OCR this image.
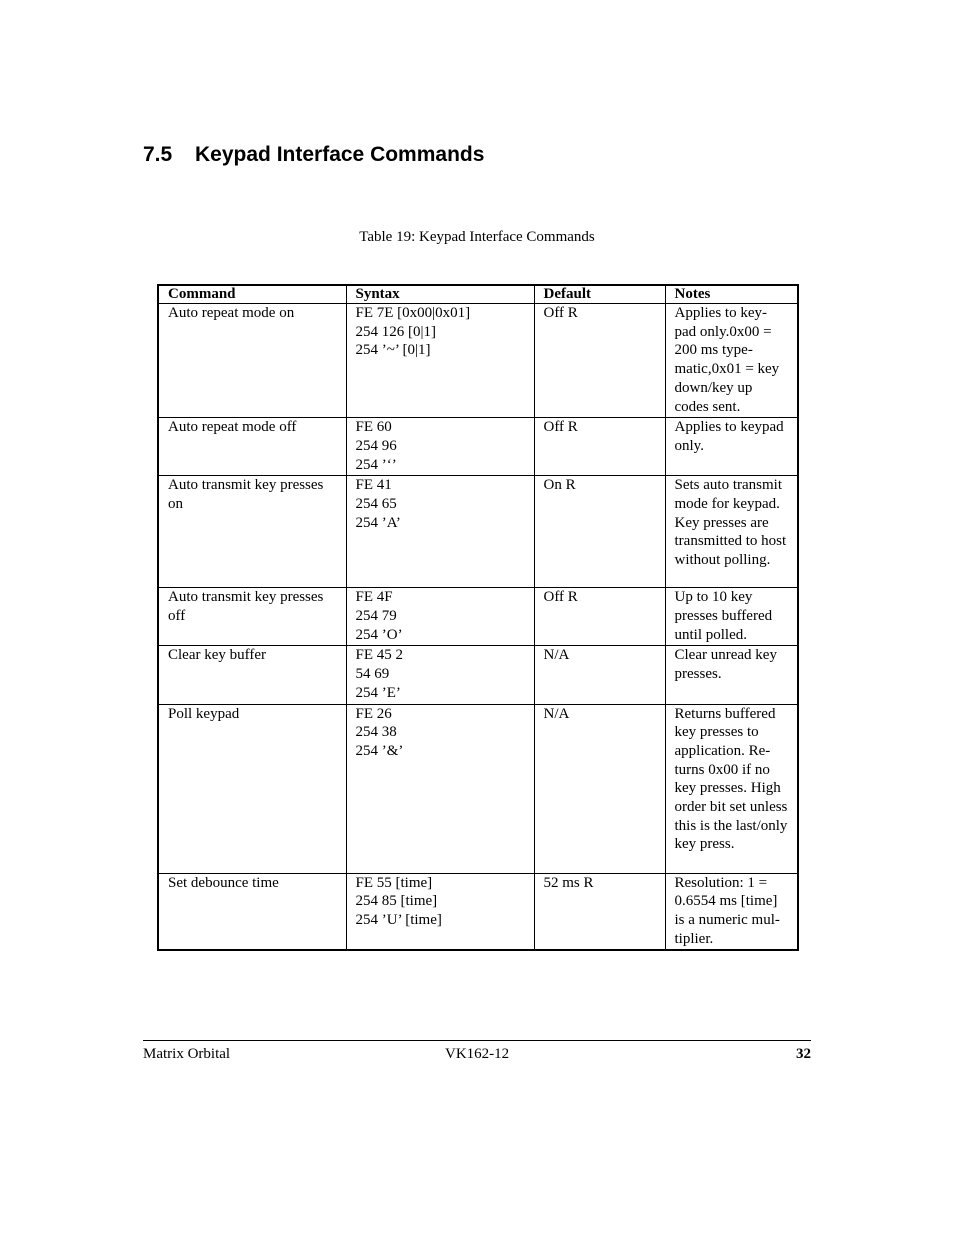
7.5 Keypad Interface Commands
Table 19: Keypad Interface Commands
Command	Syntax	Default	Notes
Auto repeat mode on	FE 7E [0x00|0x01]
254 126 [0|1]
254 ’~’ [0|1]	Off R	Applies to key-pad only.0x00 = 200 ms type-matic,0x01 = key down/key up codes sent.
Auto repeat mode off	FE 60
254 96
254 ’‘’	Off R	Applies to keypad only.
Auto transmit key presses on	FE 41
254 65
254 ’A’	On R	Sets auto transmit mode for keypad. Key presses are transmitted to host without polling.
Auto transmit key presses off	FE 4F
254 79
254 ’O’	Off R	Up to 10 key presses buffered until polled.
Clear key buffer	FE 45 2
54 69
254 ’E’	N/A	Clear unread key presses.
Poll keypad	FE 26
254 38
254 ’&’	N/A	Returns buffered key presses to application. Re-turns 0x00 if no key presses. High order bit set unless this is the last/only key press.
Set debounce time	FE 55 [time]
254 85 [time]
254 ’U’ [time]	52 ms R	Resolution: 1 = 0.6554 ms [time] is a numeric mul-tiplier.
Matrix Orbital	VK162-12	32
